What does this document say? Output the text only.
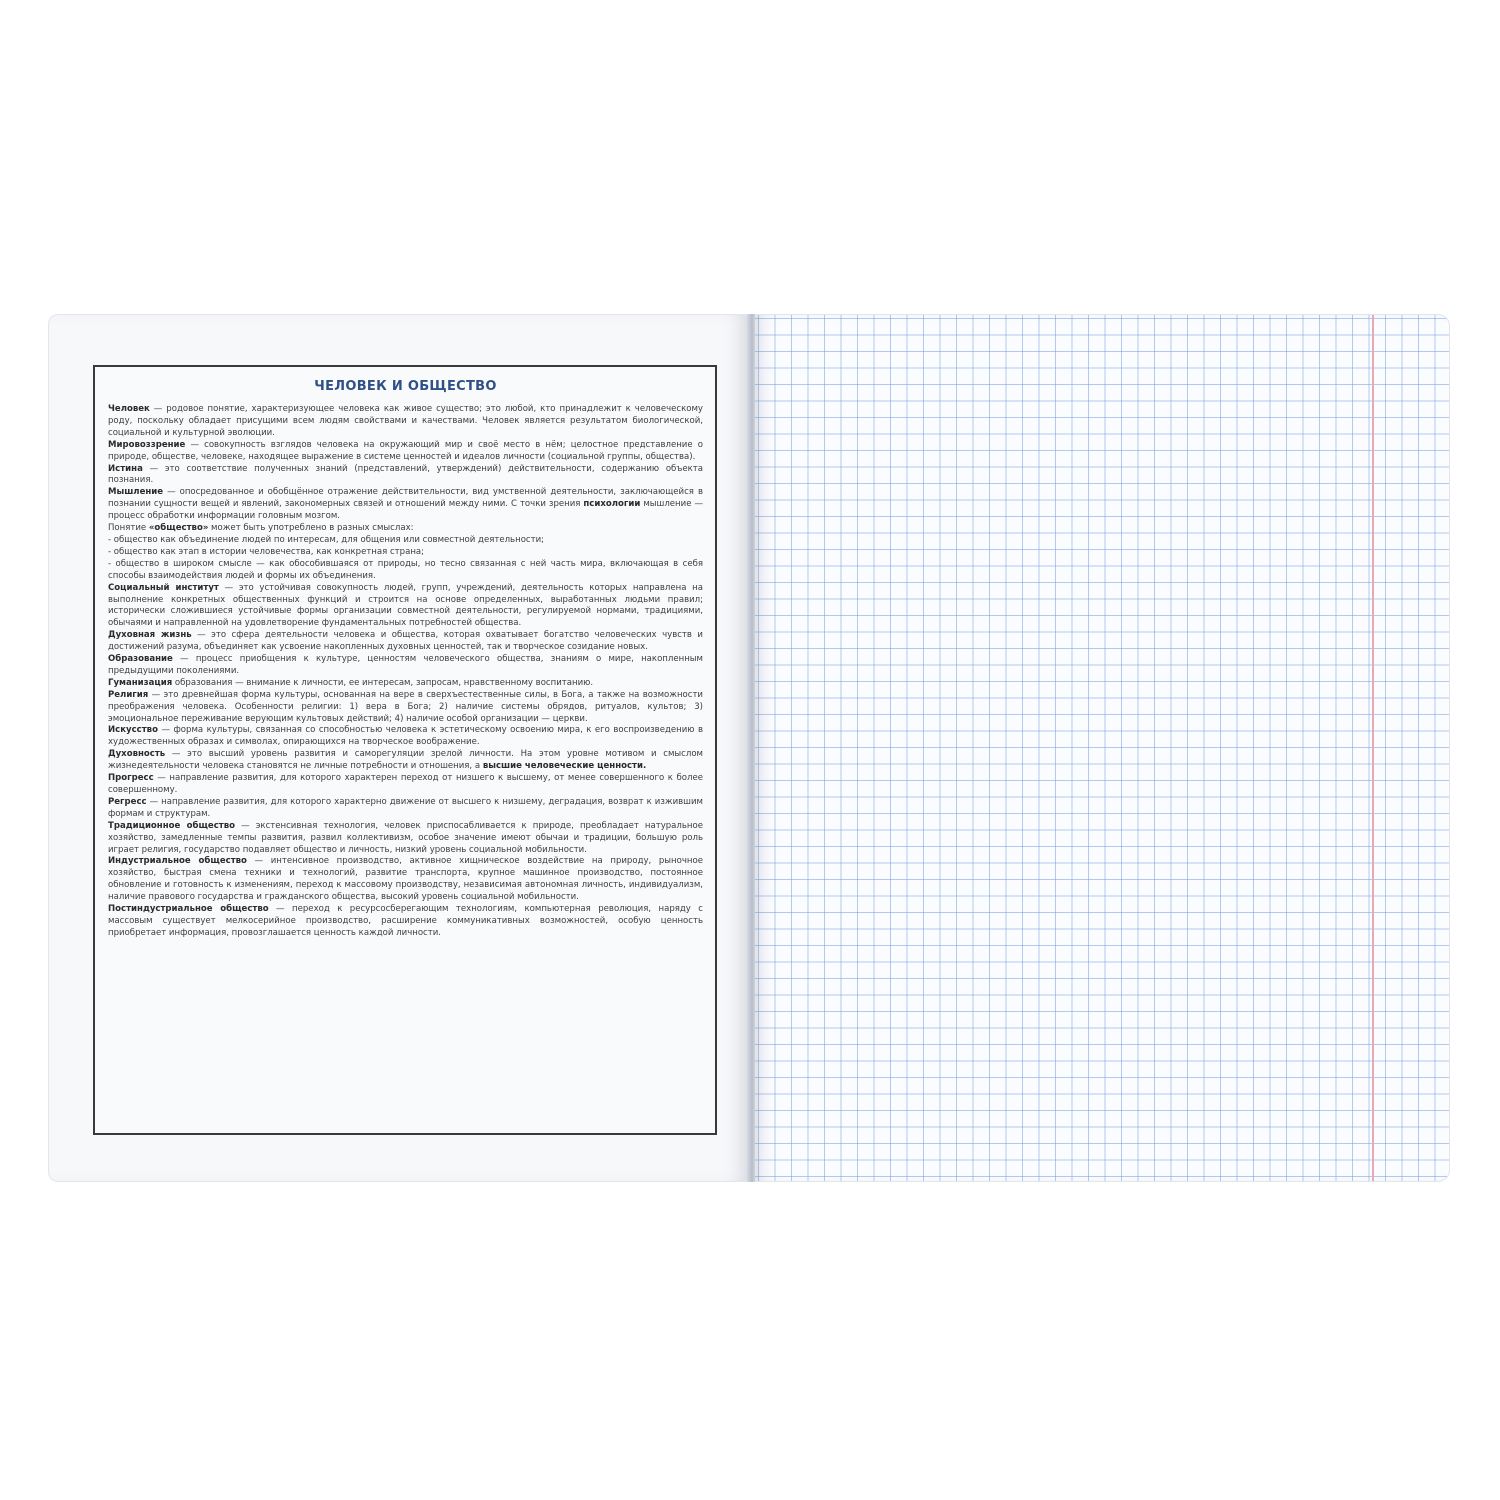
ЧЕЛОВЕК И ОБЩЕСТВО

Человек — родовое понятие, характеризующее человека как живое существо; это любой, кто принадлежит к человеческому роду, поскольку обладает присущими всем людям свойствами и качествами. Человек является результатом биологической, социальной и культурной эволюции.

Мировоззрение — совокупность взглядов человека на окружающий мир и своё место в нём; целостное представление о природе, обществе, человеке, находящее выражение в системе ценностей и идеалов личности (социальной группы, общества).

Истина — это соответствие полученных знаний (представлений, утверждений) действительности, содержанию объекта познания.

Мышление — опосредованное и обобщённое отражение действительности, вид умственной деятельности, заключающейся в познании сущности вещей и явлений, закономерных связей и отношений между ними. С точки зрения психологии мышление — процесс обработки информации головным мозгом.

Понятие «общество» может быть употреблено в разных смыслах:

- общество как объединение людей по интересам, для общения или совместной деятельности;

- общество как этап в истории человечества, как конкретная страна;

- общество в широком смысле — как обособившаяся от природы, но тесно связанная с ней часть мира, включающая в себя способы взаимодействия людей и формы их объединения.

Социальный институт — это устойчивая совокупность людей, групп, учреждений, деятельность которых направлена на выполнение конкретных общественных функций и строится на основе определенных, выработанных людьми правил; исторически сложившиеся устойчивые формы организации совместной деятельности, регулируемой нормами, традициями, обычаями и направленной на удовлетворение фундаментальных потребностей общества.

Духовная жизнь — это сфера деятельности человека и общества, которая охватывает богатство человеческих чувств и достижений разума, объединяет как усвоение накопленных духовных ценностей, так и творческое созидание новых.

Образование — процесс приобщения к культуре, ценностям человеческого общества, знаниям о мире, накопленным предыдущими поколениями.

Гуманизация образования — внимание к личности, ее интересам, запросам, нравственному воспитанию.

Религия — это древнейшая форма культуры, основанная на вере в сверхъестественные силы, в Бога, а также на возможности преображения человека. Особенности религии: 1) вера в Бога; 2) наличие системы обрядов, ритуалов, культов; 3) эмоциональное переживание верующим культовых действий; 4) наличие особой организации — церкви.

Искусство — форма культуры, связанная со способностью человека к эстетическому освоению мира, к его воспроизведению в художественных образах и символах, опирающихся на творческое воображение.

Духовность — это высший уровень развития и саморегуляции зрелой личности. На этом уровне мотивом и смыслом жизнедеятельности человека становятся не личные потребности и отношения, а высшие человеческие ценности.

Прогресс — направление развития, для которого характерен переход от низшего к высшему, от менее совершенного к более совершенному.

Регресс — направление развития, для которого характерно движение от высшего к низшему, деградация, возврат к изжившим формам и структурам.

Традиционное общество — экстенсивная технология, человек приспосабливается к природе, преобладает натуральное хозяйство, замедленные темпы развития, развил коллективизм, особое значение имеют обычаи и традиции, большую роль играет религия, государство подавляет общество и личность, низкий уровень социальной мобильности.

Индустриальное общество — интенсивное производство, активное хищническое воздействие на природу, рыночное хозяйство, быстрая смена техники и технологий, развитие транспорта, крупное машинное производство, постоянное обновление и готовность к изменениям, переход к массовому производству, независимая автономная личность, индивидуализм, наличие правового государства и гражданского общества, высокий уровень социальной мобильности.

Постиндустриальное общество — переход к ресурсосберегающим технологиям, компьютерная революция, наряду с массовым существует мелкосерийное производство, расширение коммуникативных возможностей, особую ценность приобретает информация, провозглашается ценность каждой личности.
